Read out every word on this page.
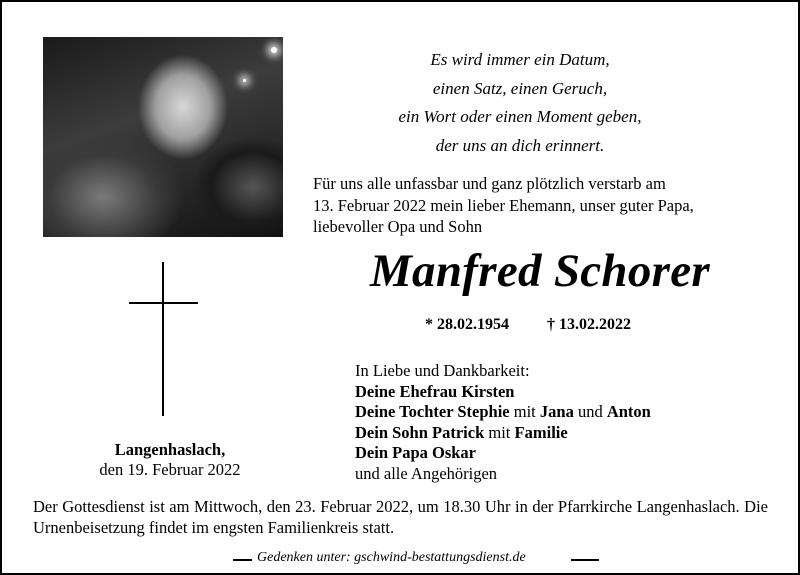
Es wird immer ein Datum,
einen Satz, einen Geruch,
ein Wort oder einen Moment geben,
der uns an dich erinnert.
Für uns alle unfassbar und ganz plötzlich verstarb am
13. Februar 2022 mein lieber Ehemann, unser guter Papa,
liebevoller Opa und Sohn
Manfred Schorer
* 28.02.1954 † 13.02.2022
Langenhaslach,
den 19. Februar 2022
In Liebe und Dankbarkeit:
Deine Ehefrau Kirsten
Deine Tochter Stephie mit Jana und Anton
Dein Sohn Patrick mit Familie
Dein Papa Oskar
und alle Angehörigen
Der Gottesdienst ist am Mittwoch, den 23. Februar 2022, um 18.30 Uhr in der Pfarrkirche Langenhaslach. Die Urnenbeisetzung findet im engsten Familienkreis statt.
Gedenken unter: gschwind-bestattungsdienst.de
